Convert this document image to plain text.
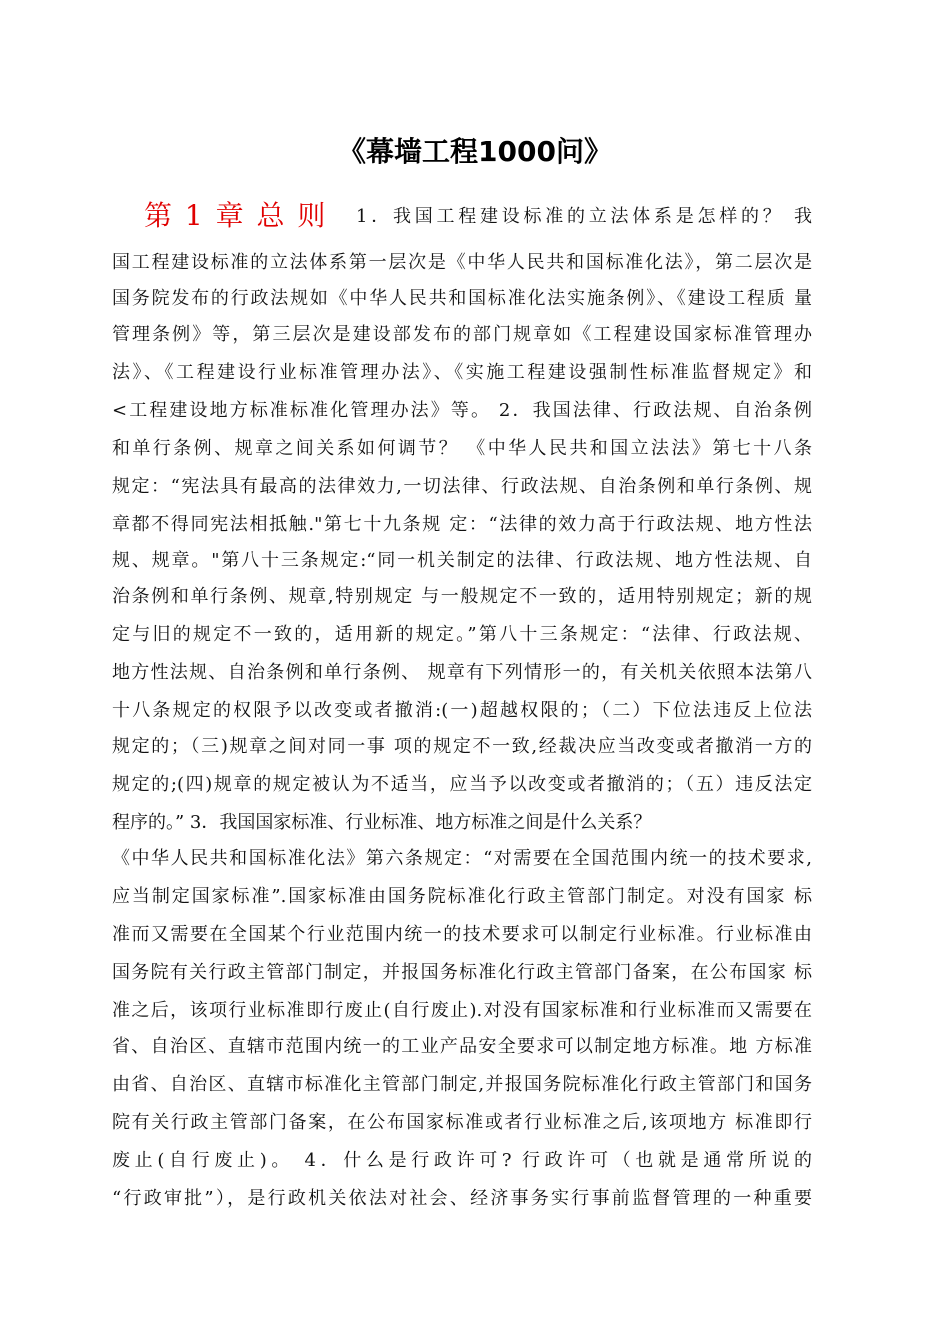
《幕墙工程1000问》
第 1 章 总 则 1．我国工程建设标准的立法体系是怎样的？ 我
国工程建设标准的立法体系第一层次是《中华人民共和国标准化法》，第二层次是
国务院发布的行政法规如《中华人民共和国标准化法实施条例》、《建设工程质 量
管理条例》等，第三层次是建设部发布的部门规章如《工程建设国家标准管理办
法》、《工程建设行业标准管理办法》、《实施工程建设强制性标准监督规定》和
<工程建设地方标准标准化管理办法》等。 2．我国法律、行政法规、自治条例
和单行条例、规章之间关系如何调节？ 《中华人民共和国立法法》第七十八条
规定：“宪法具有最高的法律效力,一切法律、行政法规、自治条例和单行条例、规
章都不得同宪法相抵触."第七十九条规 定：“法律的效力高于行政法规、地方性法
规、规章。"第八十三条规定:“同一机关制定的法律、行政法规、地方性法规、自
治条例和单行条例、规章,特别规定 与一般规定不一致的，适用特别规定；新的规
定与旧的规定不一致的，适用新的规定。”第八十三条规定：“法律、行政法规、
地方性法规、自治条例和单行条例、 规章有下列情形一的，有关机关依照本法第八
十八条规定的权限予以改变或者撤消:(一)超越权限的；（二）下位法违反上位法
规定的；（三)规章之间对同一事 项的规定不一致,经裁决应当改变或者撤消一方的
规定的;(四)规章的规定被认为不适当，应当予以改变或者撤消的；（五）违反法定
程序的。” 3．我国国家标准、行业标准、地方标准之间是什么关系？
《中华人民共和国标准化法》第六条规定：“对需要在全国范围内统一的技术要求,
应当制定国家标准”.国家标准由国务院标准化行政主管部门制定。对没有国家 标
准而又需要在全国某个行业范围内统一的技术要求可以制定行业标准。行业标准由
国务院有关行政主管部门制定，并报国务标准化行政主管部门备案，在公布国家 标
准之后，该项行业标准即行废止(自行废止).对没有国家标准和行业标准而又需要在
省、自治区、直辖市范围内统一的工业产品安全要求可以制定地方标准。地 方标准
由省、自治区、直辖市标准化主管部门制定,并报国务院标准化行政主管部门和国务
院有关行政主管部门备案，在公布国家标准或者行业标准之后,该项地方 标准即行
废止(自行废止)。 4．什么是行政许可? 行政许可（也就是通常所说的
“行政审批”），是行政机关依法对社会、经济事务实行事前监督管理的一种重要
